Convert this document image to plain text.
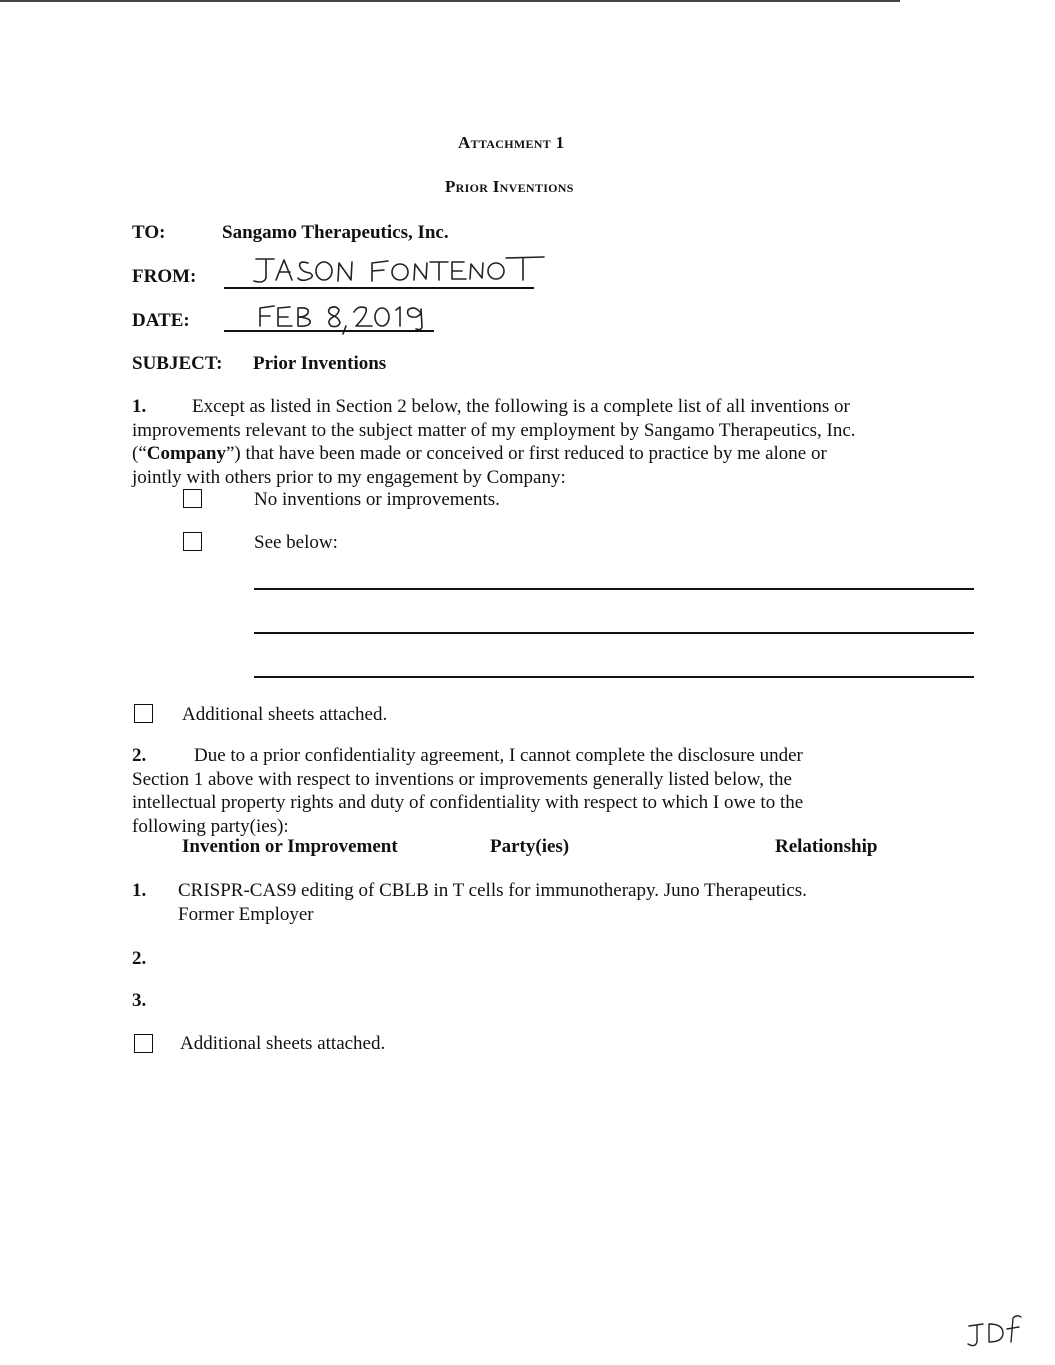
Attachment 1
Prior Inventions
TO:	Sangamo Therapeutics, Inc.
FROM:
DATE:
SUBJECT: Prior Inventions
1. Except as listed in Section 2 below, the following is a complete list of all inventions or
improvements relevant to the subject matter of my employment by Sangamo Therapeutics, Inc.
(“Company”) that have been made or conceived or first reduced to practice by me alone or
jointly with others prior to my engagement by Company:
No inventions or improvements.
See below:
Additional sheets attached.
2.	Due to a prior confidentiality agreement, I cannot complete the disclosure under
Section 1 above with respect to inventions or improvements generally listed below, the
intellectual property rights and duty of confidentiality with respect to which I owe to the
following party(ies):
Invention or Improvement	Party(ies)	Relationship
1. CRISPR-CAS9 editing of CBLB in T cells for immunotherapy. Juno Therapeutics.
Former Employer
2.
3.
Additional sheets attached.
